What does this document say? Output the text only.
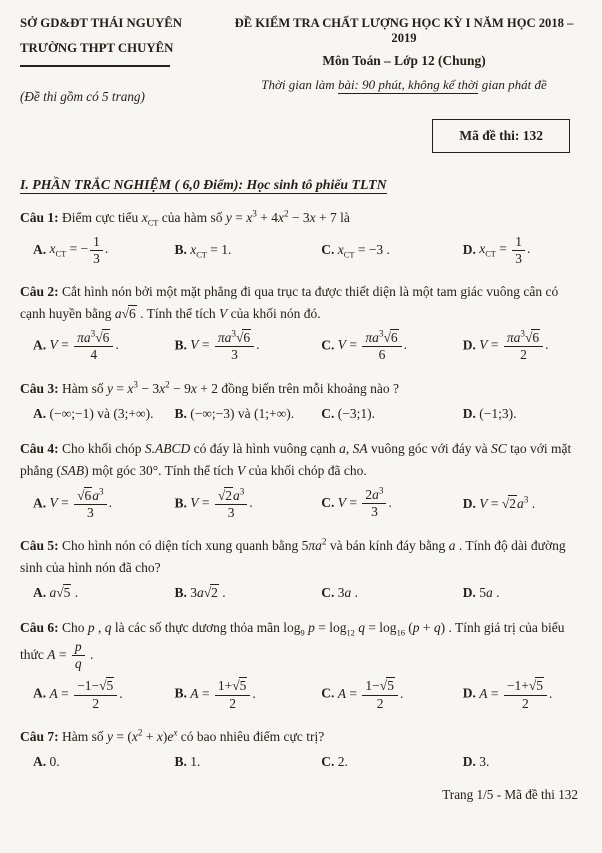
SỞ GD&ĐT THÁI NGUYÊN
TRƯỜNG THPT CHUYÊN
(Đề thi gồm có 5 trang)
ĐỀ KIỂM TRA CHẤT LƯỢNG HỌC KỲ I NĂM HỌC 2018 – 2019
Môn Toán – Lớp 12 (Chung)
Thời gian làm bài: 90 phút, không kể thời gian phát đề
Mã đề thi: 132
I. PHẦN TRẮC NGHIỆM ( 6,0 Điểm): Học sinh tô phiếu TLTN

Câu 1: Điểm cực tiểu $x_{CT}$ của hàm số $y = x^3 + 4x^2 - 3x + 7$ là

A. $x_{CT}$ = − $\frac{1}{3}$ .	B. $x_{CT} = 1$.	C. $x_{CT} = -3$ .	D. $x_{CT} = \frac{1}{3}$ .

Câu 2: Cắt hình nón bởi một mặt phẳng đi qua trục ta được thiết diện là một tam giác vuông cân có cạnh huyền bằng a√6 . Tính thể tích V của khối nón đó.

A. $V = \frac{\pi a^3√6}{4}$ .	B. $V = \frac{\pi a^3√6}{3}$ .	C. $V = \frac{\pi a^3√6}{6}$ .	D. $V = \frac{\pi a^3√6}{2}$ .

Câu 3: Hàm số $y = x^3 - 3x^2 - 9x + 2$ đồng biến trên mỗi khoảng nào ?

A. (−∞;−1) và (3;+∞).	B. (−∞;−3) và (1;+∞).	C. (−3;1).	D. (−1;3).

Câu 4: Cho khối chóp S.ABCD có đáy là hình vuông cạnh a, SA vuông góc với đáy và SC tạo với mặt phẳng (SAB) một góc 30°. Tính thể tích V của khối chóp đã cho.

A. $V = \frac{√6a^3}{3}$ .	B. $V = \frac{√2a^3}{3}$ .	C. $V = \frac{2a^3}{3}$ .	D. $V = √2a^3$ .

Câu 5: Cho hình nón có diện tích xung quanh bằng $5\pi a^2$ và bán kính đáy bằng a . Tính độ dài đường sinh của hình nón đã cho?

A. a√5 .	B. 3a√2 .	C. 3a .	D. 5a .

Câu 6: Cho p , q là các số thực dương thỏa mãn $\log_9 p = \log_{12} q = \log_{16} (p + q)$ . Tính giá trị của biểu thức $A = \frac{p}{q}$ .

A. $A = \frac{-1-√5}{2}$ .	B. $A = \frac{1+√5}{2}$ .	C. $A = \frac{1-√5}{2}$ .	D. $A = \frac{-1+√5}{2}$ .

Câu 7: Hàm số $y = (x^2 + x)e^x$ có bao nhiêu điểm cực trị?

A. 0.	B. 1.	C. 2.	D. 3.
Trang 1/5 - Mã đề thi 132
